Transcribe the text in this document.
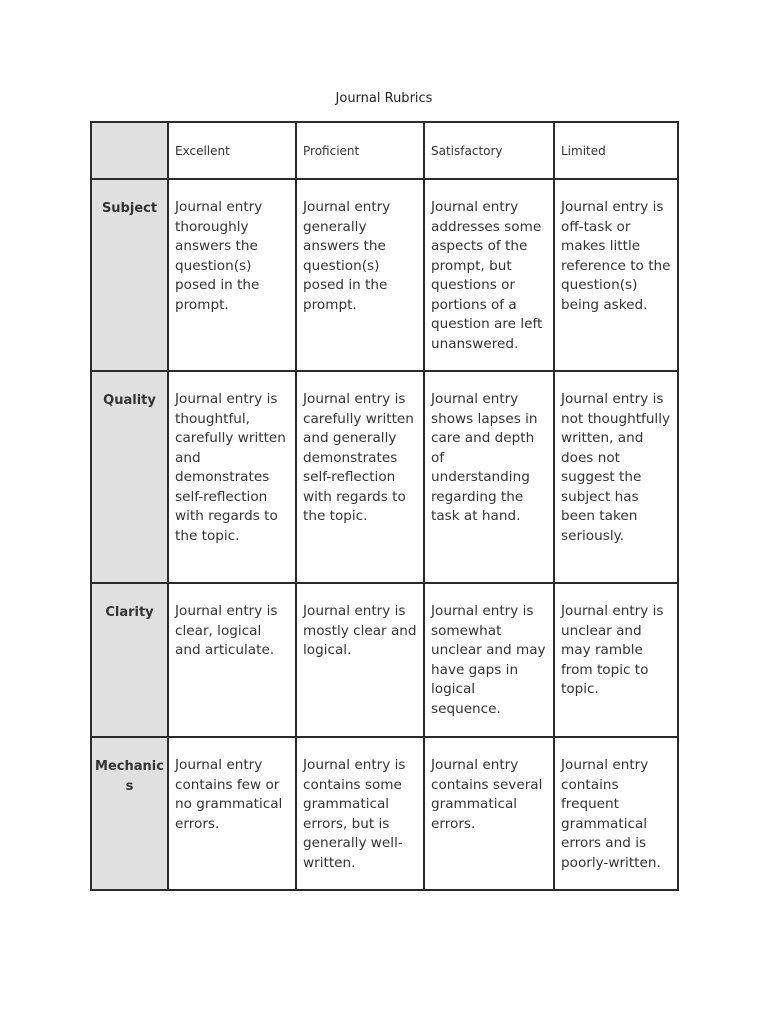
Journal Rubrics
	Excellent	Proficient	Satisfactory	Limited
Subject	Journal entry thoroughly answers the question(s) posed in the prompt.	Journal entry generally answers the question(s) posed in the prompt.	Journal entry addresses some aspects of the prompt, but questions or portions of a question are left unanswered.	Journal entry is off-task or makes little reference to the question(s) being asked.
Quality	Journal entry is thoughtful, carefully written and demonstrates self-reflection with regards to the topic.	Journal entry is carefully written and generally demonstrates self-reflection with regards to the topic.	Journal entry shows lapses in care and depth of understanding regarding the task at hand.	Journal entry is not thoughtfully written, and does not suggest the subject has been taken seriously.
Clarity	Journal entry is clear, logical and articulate.	Journal entry is mostly clear and logical.	Journal entry is somewhat unclear and may have gaps in logical sequence.	Journal entry is unclear and may ramble from topic to topic.
Mechanics	Journal entry contains few or no grammatical errors.	Journal entry is contains some grammatical errors, but is generally well-written.	Journal entry contains several grammatical errors.	Journal entry contains frequent grammatical errors and is poorly-written.
